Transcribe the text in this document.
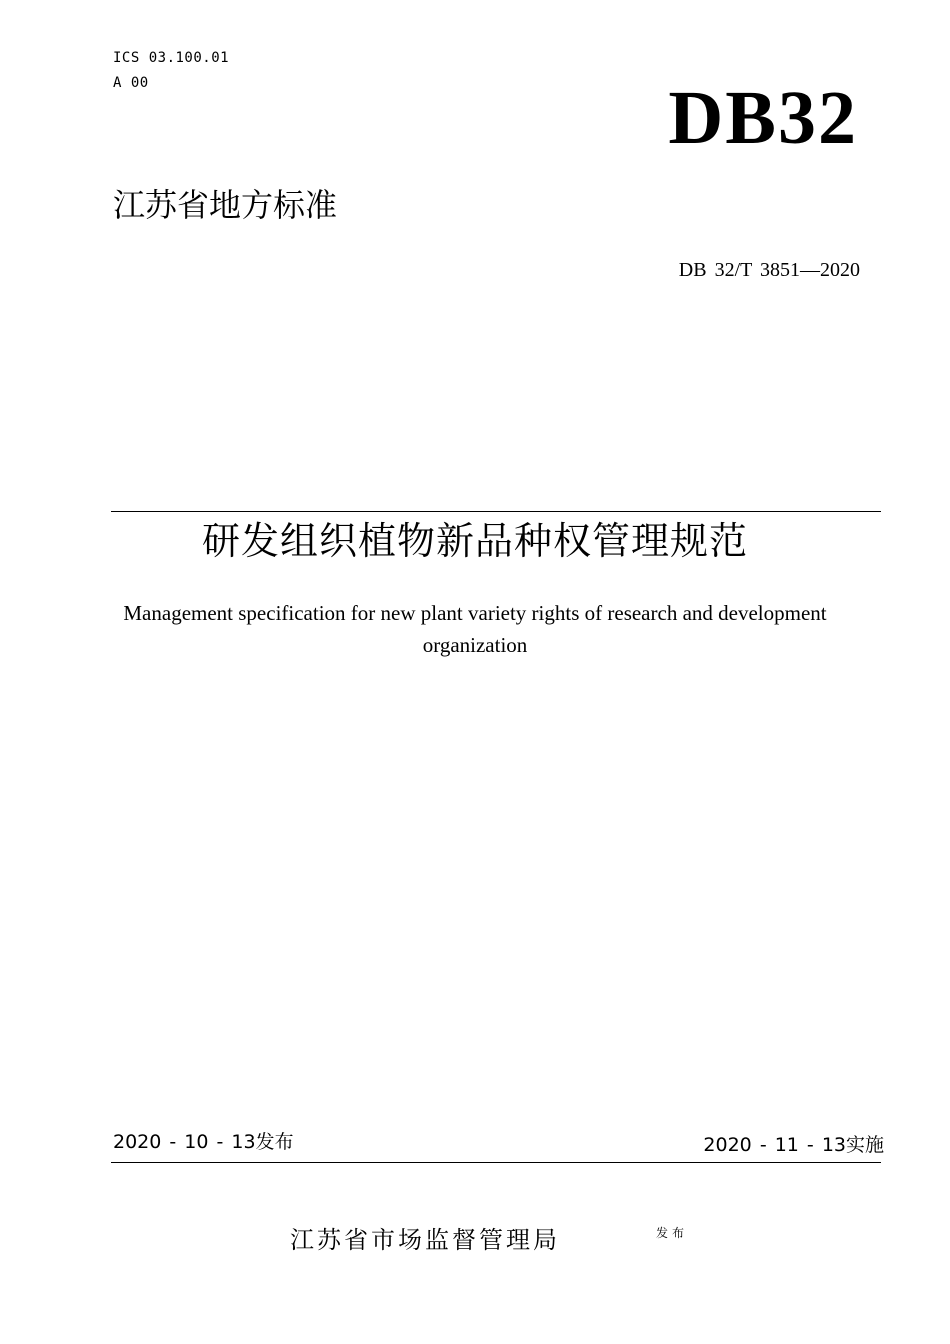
ICS 03.100.01
A 00	DB32
江苏省地方标准
DB 32/T 3851—2020
研发组织植物新品种权管理规范
Management specification for new plant variety rights of research and development
organization
2020 - 10 - 13发布	2020 - 11 - 13实施
江苏省市场监督管理局	发布
